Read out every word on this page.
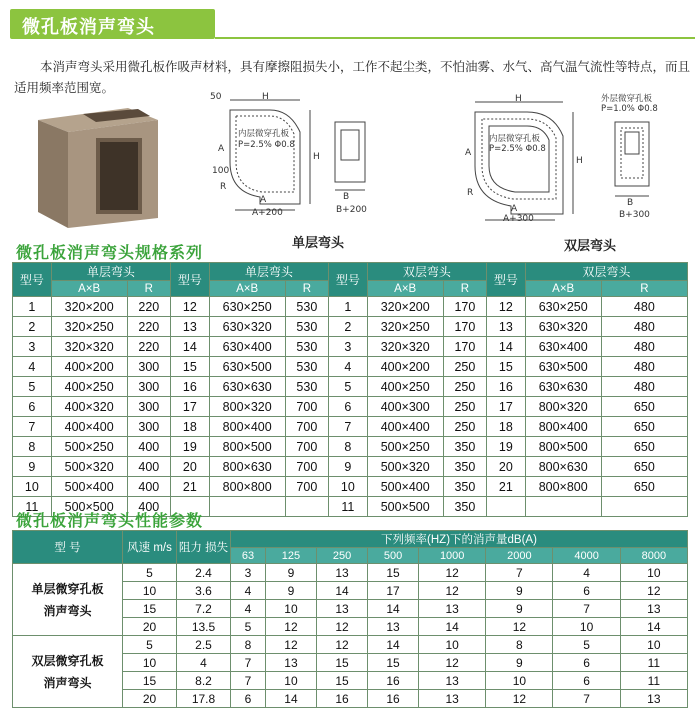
微孔板消声弯头
本消声弯头采用微孔板作吸声材料，具有摩擦阻损失小，工作不起尘类，不怕油雾、水气、高气温气流性等特点，而且适用频率范围宽。
50	H
H
A
100
R
内层微穿孔板
P=2.5% Φ0.8
A
A+200
B
B+200
单层弯头
H
H
A
R
内层微穿孔板
P=2.5% Φ0.8
外层微穿孔板
P=1.0% Φ0.8
A
A+300
B
B+300
双层弯头
微孔板消声弯头规格系列
型号	单层弯头		型号	单层弯头		型号	双层弯头		型号	双层弯头	
	A×B	R		A×B	R		A×B	R		A×B	R
1	320×200	220	12	630×250	530	1	320×200	170	12	630×250	480
2	320×250	220	13	630×320	530	2	320×250	170	13	630×320	480
3	320×320	220	14	630×400	530	3	320×320	170	14	630×400	480
4	400×200	300	15	630×500	530	4	400×200	250	15	630×500	480
5	400×250	300	16	630×630	530	5	400×250	250	16	630×630	480
6	400×320	300	17	800×320	700	6	400×300	250	17	800×320	650
7	400×400	300	18	800×400	700	7	400×400	250	18	800×400	650
8	500×250	400	19	800×500	700	8	500×250	350	19	800×500	650
9	500×320	400	20	800×630	700	9	500×320	350	20	800×630	650
10	500×400	400	21	800×800	700	10	500×400	350	21	800×800	650
11	500×500	400				11	500×500	350			
微孔板消声弯头性能参数
型 号	风速 m/s	阻力 损失	下列频率(HZ)下的消声量dB(A)							
			63	125	250	500	1000	2000	4000	8000

单层微穿孔板
消声弯头	5	2.4	3	9	13	15	12	7	4	10
	10	3.6	4	9	14	17	12	9	6	12
	15	7.2	4	10	13	14	13	9	7	13
	20	13.5	5	12	12	13	14	12	10	14

双层微穿孔板
消声弯头	5	2.5	8	12	12	14	10	8	5	10
	10	4	7	13	15	15	12	9	6	11
	15	8.2	7	10	15	16	13	10	6	11
	20	17.8	6	14	16	16	13	12	7	13
